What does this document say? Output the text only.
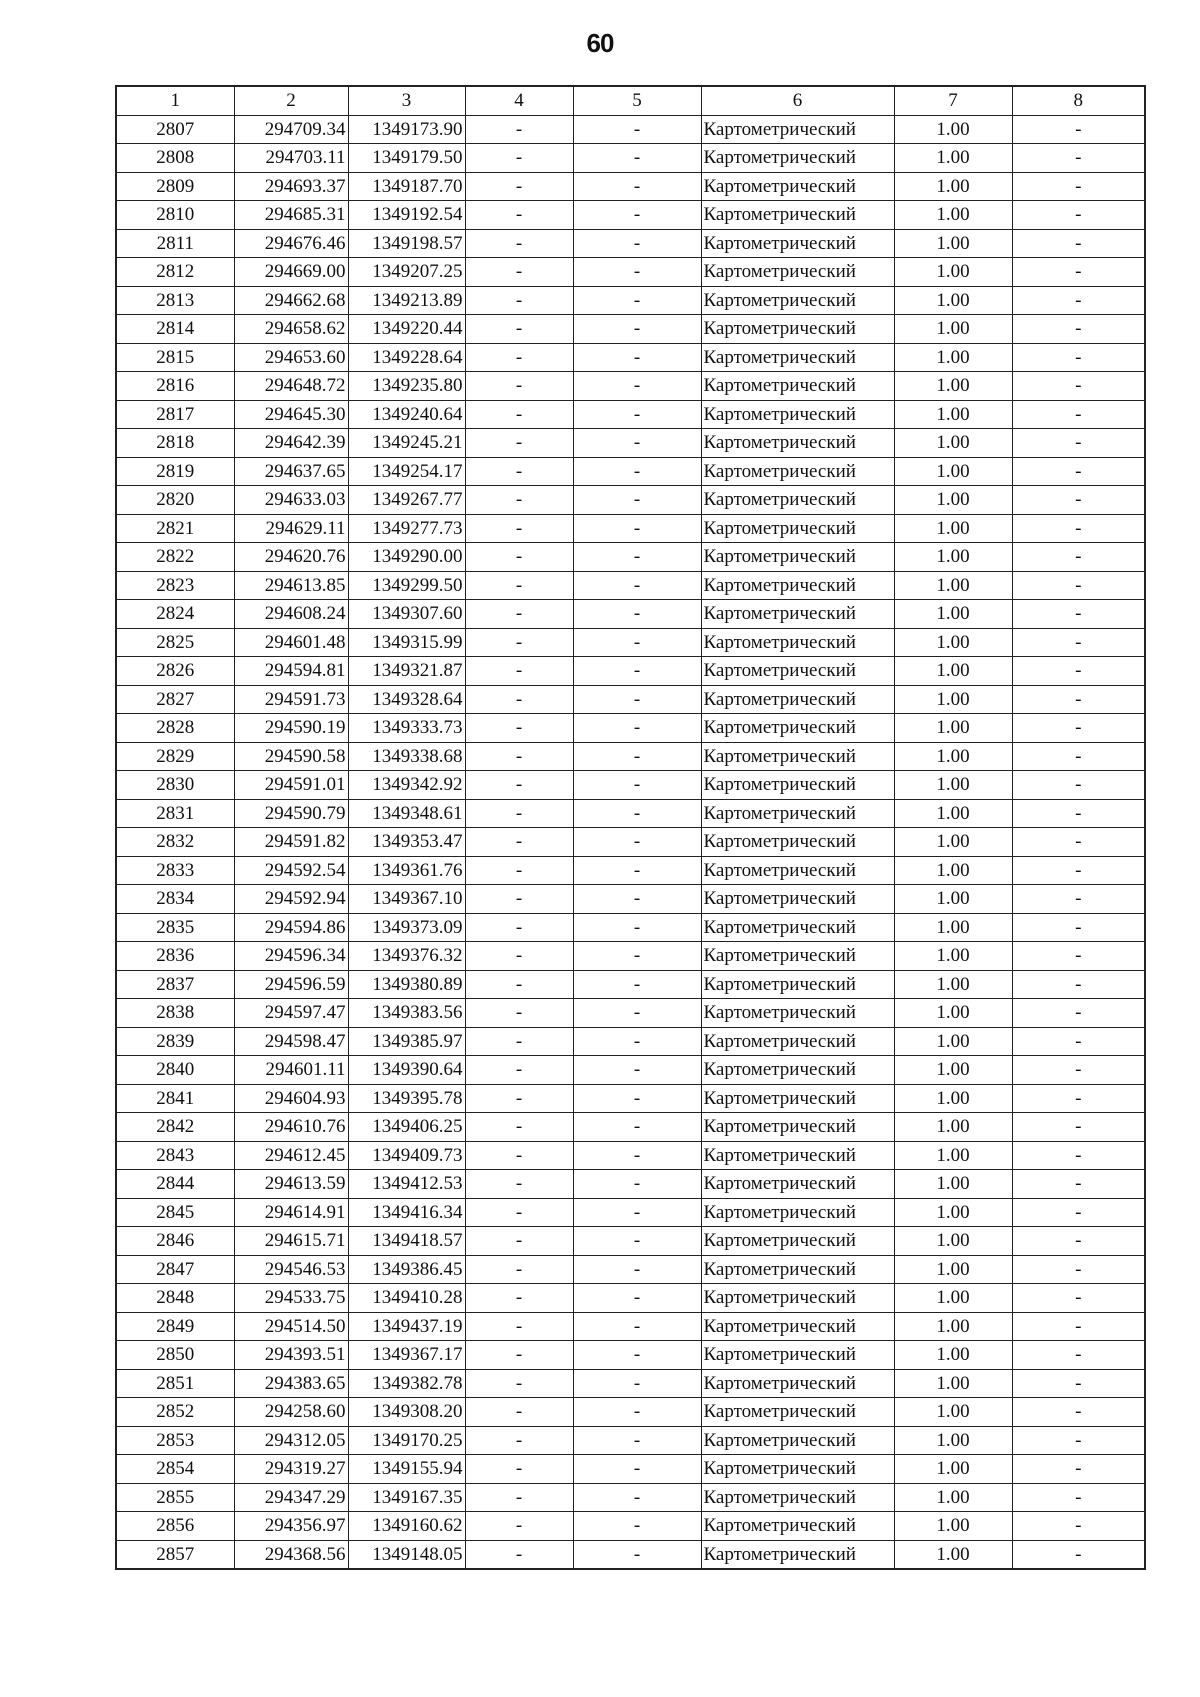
60
1	2	3	4	5	6	7	8
2807	294709.34	1349173.90	-	-	Картометрический	1.00	-
2808	294703.11	1349179.50	-	-	Картометрический	1.00	-
2809	294693.37	1349187.70	-	-	Картометрический	1.00	-
2810	294685.31	1349192.54	-	-	Картометрический	1.00	-
2811	294676.46	1349198.57	-	-	Картометрический	1.00	-
2812	294669.00	1349207.25	-	-	Картометрический	1.00	-
2813	294662.68	1349213.89	-	-	Картометрический	1.00	-
2814	294658.62	1349220.44	-	-	Картометрический	1.00	-
2815	294653.60	1349228.64	-	-	Картометрический	1.00	-
2816	294648.72	1349235.80	-	-	Картометрический	1.00	-
2817	294645.30	1349240.64	-	-	Картометрический	1.00	-
2818	294642.39	1349245.21	-	-	Картометрический	1.00	-
2819	294637.65	1349254.17	-	-	Картометрический	1.00	-
2820	294633.03	1349267.77	-	-	Картометрический	1.00	-
2821	294629.11	1349277.73	-	-	Картометрический	1.00	-
2822	294620.76	1349290.00	-	-	Картометрический	1.00	-
2823	294613.85	1349299.50	-	-	Картометрический	1.00	-
2824	294608.24	1349307.60	-	-	Картометрический	1.00	-
2825	294601.48	1349315.99	-	-	Картометрический	1.00	-
2826	294594.81	1349321.87	-	-	Картометрический	1.00	-
2827	294591.73	1349328.64	-	-	Картометрический	1.00	-
2828	294590.19	1349333.73	-	-	Картометрический	1.00	-
2829	294590.58	1349338.68	-	-	Картометрический	1.00	-
2830	294591.01	1349342.92	-	-	Картометрический	1.00	-
2831	294590.79	1349348.61	-	-	Картометрический	1.00	-
2832	294591.82	1349353.47	-	-	Картометрический	1.00	-
2833	294592.54	1349361.76	-	-	Картометрический	1.00	-
2834	294592.94	1349367.10	-	-	Картометрический	1.00	-
2835	294594.86	1349373.09	-	-	Картометрический	1.00	-
2836	294596.34	1349376.32	-	-	Картометрический	1.00	-
2837	294596.59	1349380.89	-	-	Картометрический	1.00	-
2838	294597.47	1349383.56	-	-	Картометрический	1.00	-
2839	294598.47	1349385.97	-	-	Картометрический	1.00	-
2840	294601.11	1349390.64	-	-	Картометрический	1.00	-
2841	294604.93	1349395.78	-	-	Картометрический	1.00	-
2842	294610.76	1349406.25	-	-	Картометрический	1.00	-
2843	294612.45	1349409.73	-	-	Картометрический	1.00	-
2844	294613.59	1349412.53	-	-	Картометрический	1.00	-
2845	294614.91	1349416.34	-	-	Картометрический	1.00	-
2846	294615.71	1349418.57	-	-	Картометрический	1.00	-
2847	294546.53	1349386.45	-	-	Картометрический	1.00	-
2848	294533.75	1349410.28	-	-	Картометрический	1.00	-
2849	294514.50	1349437.19	-	-	Картометрический	1.00	-
2850	294393.51	1349367.17	-	-	Картометрический	1.00	-
2851	294383.65	1349382.78	-	-	Картометрический	1.00	-
2852	294258.60	1349308.20	-	-	Картометрический	1.00	-
2853	294312.05	1349170.25	-	-	Картометрический	1.00	-
2854	294319.27	1349155.94	-	-	Картометрический	1.00	-
2855	294347.29	1349167.35	-	-	Картометрический	1.00	-
2856	294356.97	1349160.62	-	-	Картометрический	1.00	-
2857	294368.56	1349148.05	-	-	Картометрический	1.00	-
